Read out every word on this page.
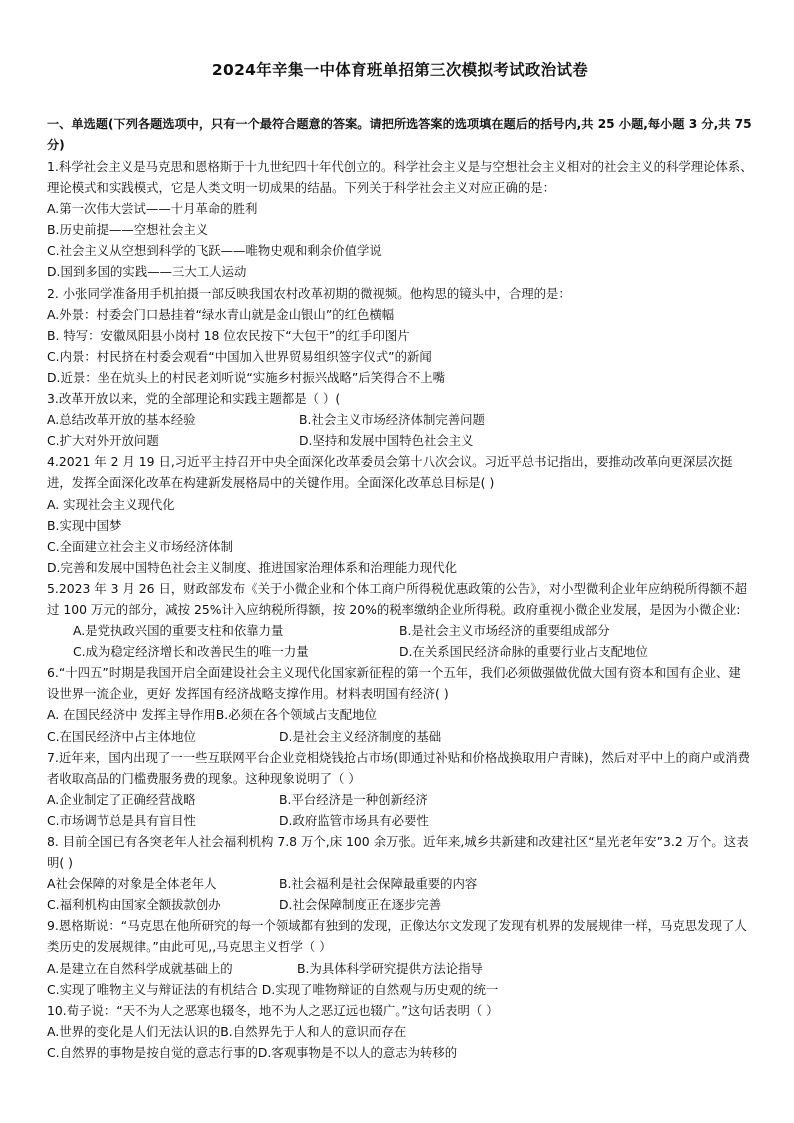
2024年辛集一中体育班单招第三次模拟考试政治试卷
一、单选题(下列各题选项中，只有一个最符合题意的答案。请把所选答案的选项填在题后的括号内,共 25 小题,每小题 3 分,共 75 分)
1.科学社会主义是马克思和恩格斯于十九世纪四十年代创立的。科学社会主义是与空想社会主义相对的社会主义的科学理论体系、理论模式和实践模式，它是人类文明一切成果的结晶。下列关于科学社会主义对应正确的是：
A.第一次伟大尝试——十月革命的胜利
B.历史前提——空想社会主义
C.社会主义从空想到科学的飞跃——唯物史观和剩余价值学说
D.国到多国的实践——三大工人运动
2. 小张同学准备用手机拍摄一部反映我国农村改革初期的微视频。他构思的镜头中，合理的是：
A.外景：村委会门口悬挂着“绿水青山就是金山银山”的红色横幅
B. 特写：安徽凤阳县小岗村 18 位农民按下“大包干”的红手印图片
C.内景：村民挤在村委会观看“中国加入世界贸易组织签字仪式”的新闻
D.近景：坐在炕头上的村民老刘听说“实施乡村振兴战略”后笑得合不上嘴
3.改革开放以来，党的全部理论和实践主题都是（ ）(
A.总结改革开放的基本经验	B.社会主义市场经济体制完善问题
C.扩大对外开放问题	D.坚持和发展中国特色社会主义
4.2021 年 2 月 19 日,习近平主持召开中央全面深化改革委员会第十八次会议。习近平总书记指出，要推动改革向更深层次挺进，发挥全面深化改革在构建新发展格局中的关键作用。全面深化改革总目标是( )
A. 实现社会主义现代化
B.实现中国梦
C.全面建立社会主义市场经济体制
D.完善和发展中国特色社会主义制度、推进国家治理体系和治理能力现代化
5.2023 年 3 月 26 日，财政部发布《关于小微企业和个体工商户所得税优惠政策的公告》，对小型微利企业年应纳税所得额不超过 100 万元的部分，减按 25%计入应纳税所得额，按 20%的税率缴纳企业所得税。政府重视小微企业发展，是因为小微企业:
A.是党执政兴国的重要支柱和依靠力量	B.是社会主义市场经济的重要组成部分
C.成为稳定经济增长和改善民生的唯一力量	D.在关系国民经济命脉的重要行业占支配地位
6.“十四五”时期是我国开启全面建设社会主义现代化国家新征程的第一个五年，我们必须做强做优做大国有资本和国有企业、建设世界一流企业，更好 发挥国有经济战略支撑作用。材料表明国有经济( )
A. 在国民经济中 发挥主导作用B.必须在各个领域占支配地位
C.在国民经济中占主体地位	D.是社会主义经济制度的基础
7.近年来，国内出现了一一些互联网平台企业竞相烧钱抢占市场(即通过补贴和价格战换取用户青睐)，然后对平中上的商户或消费者收取高品的门槛费服务费的现象。这种现象说明了（ ）
A.企业制定了正确经营战略	B.平台经济是一种创新经济
C.市场调节总是具有盲目性	D.政府监管市场具有必要性
8. 目前全国已有各突老年人社会福利机构 7.8 万个,床 100 余万张。近年来,城乡共新建和改建社区“星光老年安”3.2 万个。这表明( )
A社会保障的对象是全体老年人	B.社会福利是社会保障最重要的内容
C.福利机构由国家全额拔款创办	D.社会保障制度正在逐步完善
9.恩格斯说：“马克思在他所研究的每一个领域都有独到的发现，正像达尔文发现了发现有机界的发展规律一样，马克思发现了人类历史的发展规律。”由此可见,,马克思主义哲学（ ）
A.是建立在自然科学成就基础上的	B.为具体科学研究提供方法论指导
C.实现了唯物主义与辩证法的有机结合 D.实现了唯物辩证的自然观与历史观的统一
10.荀子说：“天不为人之恶寒也辍冬，地不为人之恶辽远也辍广。”这句话表明（ ）
A.世界的变化是人们无法认识的B.自然界先于人和人的意识而存在
C.自然界的事物是按自觉的意志行事的D.客观事物是不以人的意志为转移的
